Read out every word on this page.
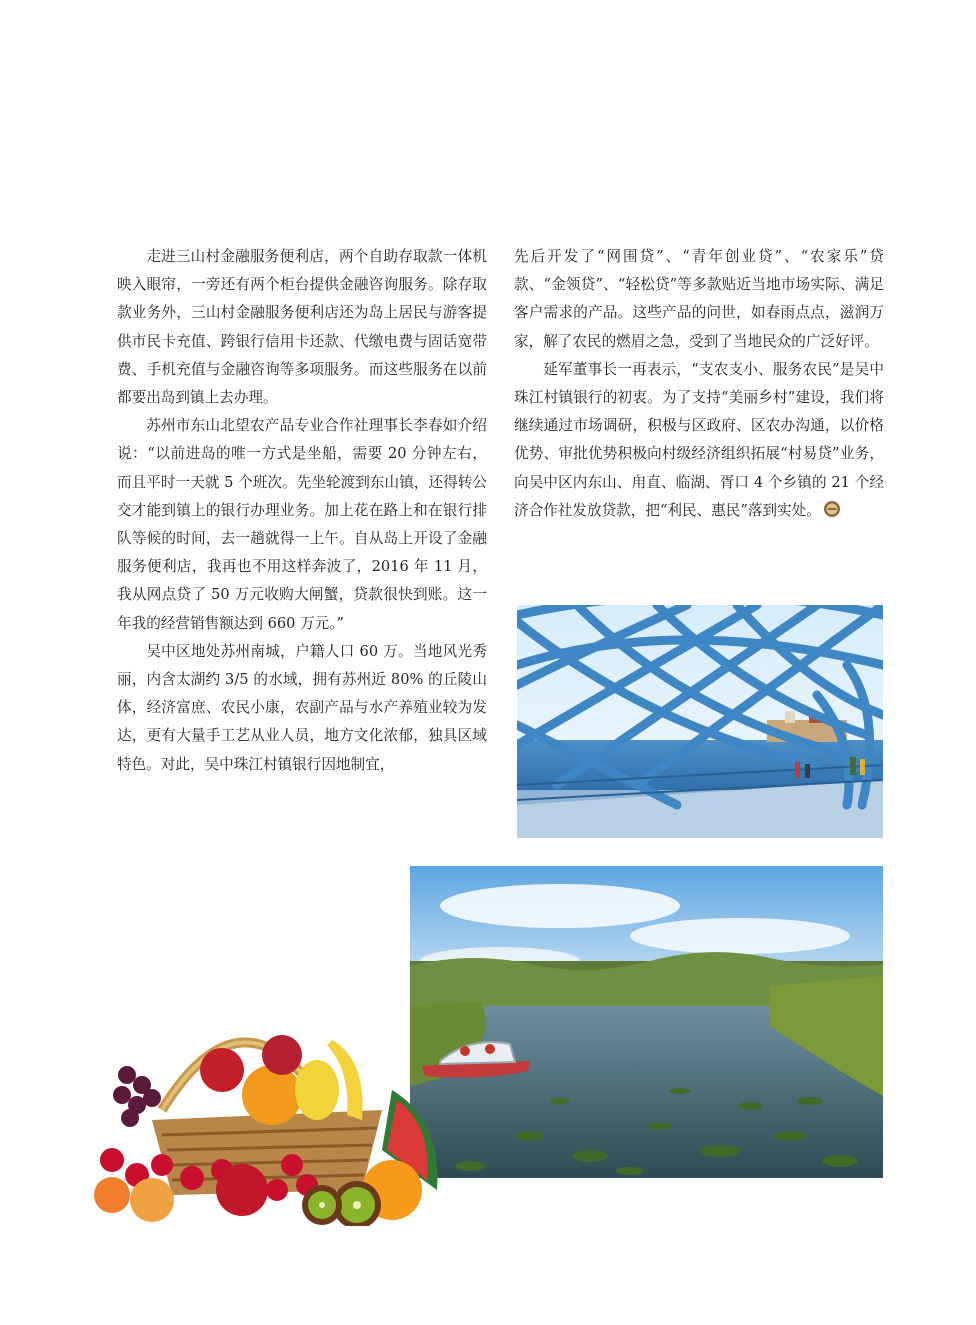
走进三山村金融服务便利店，两个自助存取款一体机映入眼帘，一旁还有两个柜台提供金融咨询服务。除存取款业务外，三山村金融服务便利店还为岛上居民与游客提供市民卡充值、跨银行信用卡还款、代缴电费与固话宽带费、手机充值与金融咨询等多项服务。而这些服务在以前都要出岛到镇上去办理。

苏州市东山北望农产品专业合作社理事长李春如介绍说：“以前进岛的唯一方式是坐船，需要 20 分钟左右，而且平时一天就 5 个班次。先坐轮渡到东山镇，还得转公交才能到镇上的银行办理业务。加上花在路上和在银行排队等候的时间，去一趟就得一上午。自从岛上开设了金融服务便利店，我再也不用这样奔波了，2016 年 11 月，我从网点贷了 50 万元收购大闸蟹，贷款很快到账。这一年我的经营销售额达到 660 万元。”

吴中区地处苏州南城，户籍人口 60 万。当地风光秀丽，内含太湖约 3/5 的水域，拥有苏州近 80% 的丘陵山体，经济富庶、农民小康，农副产品与水产养殖业较为发达，更有大量手工艺从业人员，地方文化浓郁，独具区域特色。对此，吴中珠江村镇银行因地制宜，

先后开发了“网围贷”、“青年创业贷”、“农家乐”贷款、“金领贷”、“轻松贷”等多款贴近当地市场实际、满足客户需求的产品。这些产品的问世，如春雨点点，滋润万家，解了农民的燃眉之急，受到了当地民众的广泛好评。

延军董事长一再表示，“支农支小、服务农民”是吴中珠江村镇银行的初衷。为了支持“美丽乡村”建设，我们将继续通过市场调研，积极与区政府、区农办沟通，以价格优势、审批优势积极向村级经济组织拓展“村易贷”业务，向吴中区内东山、甪直、临湖、胥口 4 个乡镇的 21 个经济合作社发放贷款，把“利民、惠民”落到实处。
